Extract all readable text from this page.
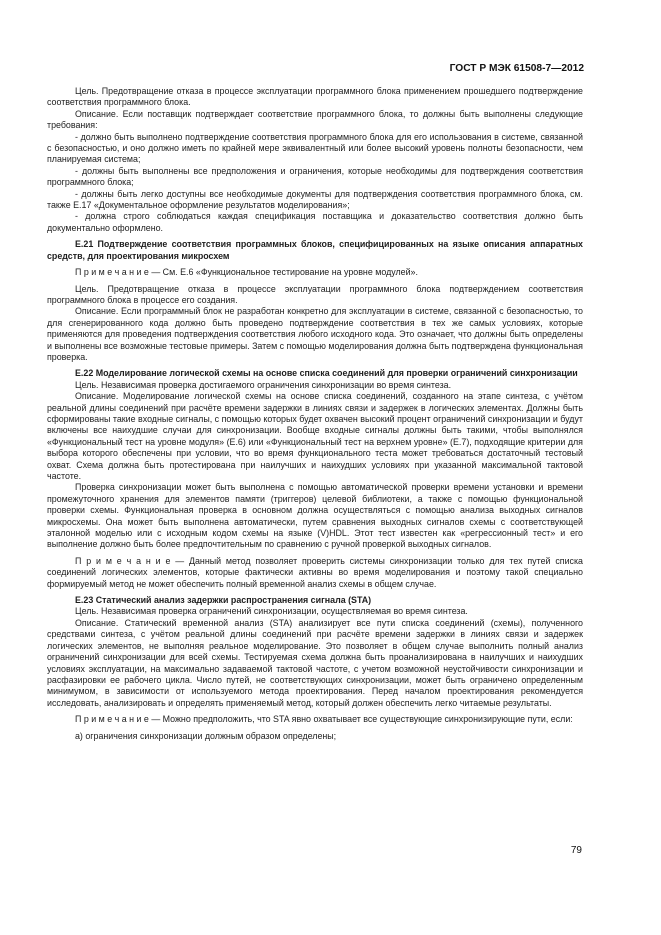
ГОСТ Р МЭК 61508-7—2012

Цель. Предотвращение отказа в процессе эксплуатации программного блока применением прошедшего подтверждение соответствия программного блока.

Описание. Если поставщик подтверждает соответствие программного блока, то должны быть выполнены следующие требования:

- должно быть выполнено подтверждение соответствия программного блока для его использования в системе, связанной с безопасностью, и оно должно иметь по крайней мере эквивалентный или более высокий уровень полноты безопасности, чем планируемая система;

- должны быть выполнены все предположения и ограничения, которые необходимы для подтверждения соответствия программного блока;

- должны быть легко доступны все необходимые документы для подтверждения соответствия программного блока, см. также Е.17 «Документальное оформление результатов моделирования»;

- должна строго соблюдаться каждая спецификация поставщика и доказательство соответствия должно быть документально оформлено.

Е.21 Подтверждение соответствия программных блоков, специфицированных на языке описания аппаратных средств, для проектирования микросхем

П р и м е ч а н и е — См. Е.6 «Функциональное тестирование на уровне модулей».

Цель. Предотвращение отказа в процессе эксплуатации программного блока подтверждением соответствия программного блока в процессе его создания.

Описание. Если программный блок не разработан конкретно для эксплуатации в системе, связанной с безопасностью, то для сгенерированного кода должно быть проведено подтверждение соответствия в тех же самых условиях, которые применяются для проведения подтверждения соответствия любого исходного кода. Это означает, что должны быть определены и выполнены все возможные тестовые примеры. Затем с помощью моделирования должна быть подтверждена функциональная проверка.

Е.22 Моделирование логической схемы на основе списка соединений для проверки ограничений синхронизации

Цель. Независимая проверка достигаемого ограничения синхронизации во время синтеза.

Описание. Моделирование логической схемы на основе списка соединений, созданного на этапе синтеза, с учётом реальной длины соединений при расчёте времени задержки в линиях связи и задержек в логических элементах. Должны быть сформированы такие входные сигналы, с помощью которых будет охвачен высокий процент ограничений синхронизации и будут включены все наихудшие случаи для синхронизации. Вообще входные сигналы должны быть такими, чтобы выполнялся «Функциональный тест на уровне модуля» (Е.6) или «Функциональный тест на верхнем уровне» (Е.7), подходящие критерии для выбора которого обеспечены при условии, что во время функционального теста может требоваться достаточный тестовый охват. Схема должна быть протестирована при наилучших и наихудших условиях при указанной максимальной тактовой частоте.

Проверка синхронизации может быть выполнена с помощью автоматической проверки времени установки и времени промежуточного хранения для элементов памяти (триггеров) целевой библиотеки, а также с помощью функциональной проверки схемы. Функциональная проверка в основном должна осуществляться с помощью анализа выходных сигналов микросхемы. Она может быть выполнена автоматически, путем сравнения выходных сигналов схемы с соответствующей эталонной моделью или с исходным кодом схемы на языке (V)HDL. Этот тест известен как «регрессионный тест» и его выполнение должно быть более предпочтительным по сравнению с ручной проверкой выходных сигналов.

П р и м е ч а н и е — Данный метод позволяет проверить системы синхронизации только для тех путей списка соединений логических элементов, которые фактически активны во время моделирования и поэтому такой специально формируемый метод не может обеспечить полный временной анализ схемы в общем случае.

Е.23 Статический анализ задержки распространения сигнала (STA)

Цель. Независимая проверка ограничений синхронизации, осуществляемая во время синтеза.

Описание. Статический временной анализ (STA) анализирует все пути списка соединений (схемы), полученного средствами синтеза, с учётом реальной длины соединений при расчёте времени задержки в линиях связи и задержек логических элементов, не выполняя реальное моделирование. Это позволяет в общем случае выполнить полный анализ ограничений синхронизации для всей схемы. Тестируемая схема должна быть проанализирована в наилучших и наихудших условиях эксплуатации, на максимально задаваемой тактовой частоте, с учетом возможной неустойчивости синхронизации и расфазировки ее рабочего цикла. Число путей, не соответствующих синхронизации, может быть ограничено определенным минимумом, в зависимости от используемого метода проектирования. Перед началом проектирования рекомендуется исследовать, анализировать и определять применяемый метод, который должен обеспечить легко читаемые результаты.

П р и м е ч а н и е — Можно предположить, что STA явно охватывает все существующие синхронизирующие пути, если:

а) ограничения синхронизации должным образом определены;

79
